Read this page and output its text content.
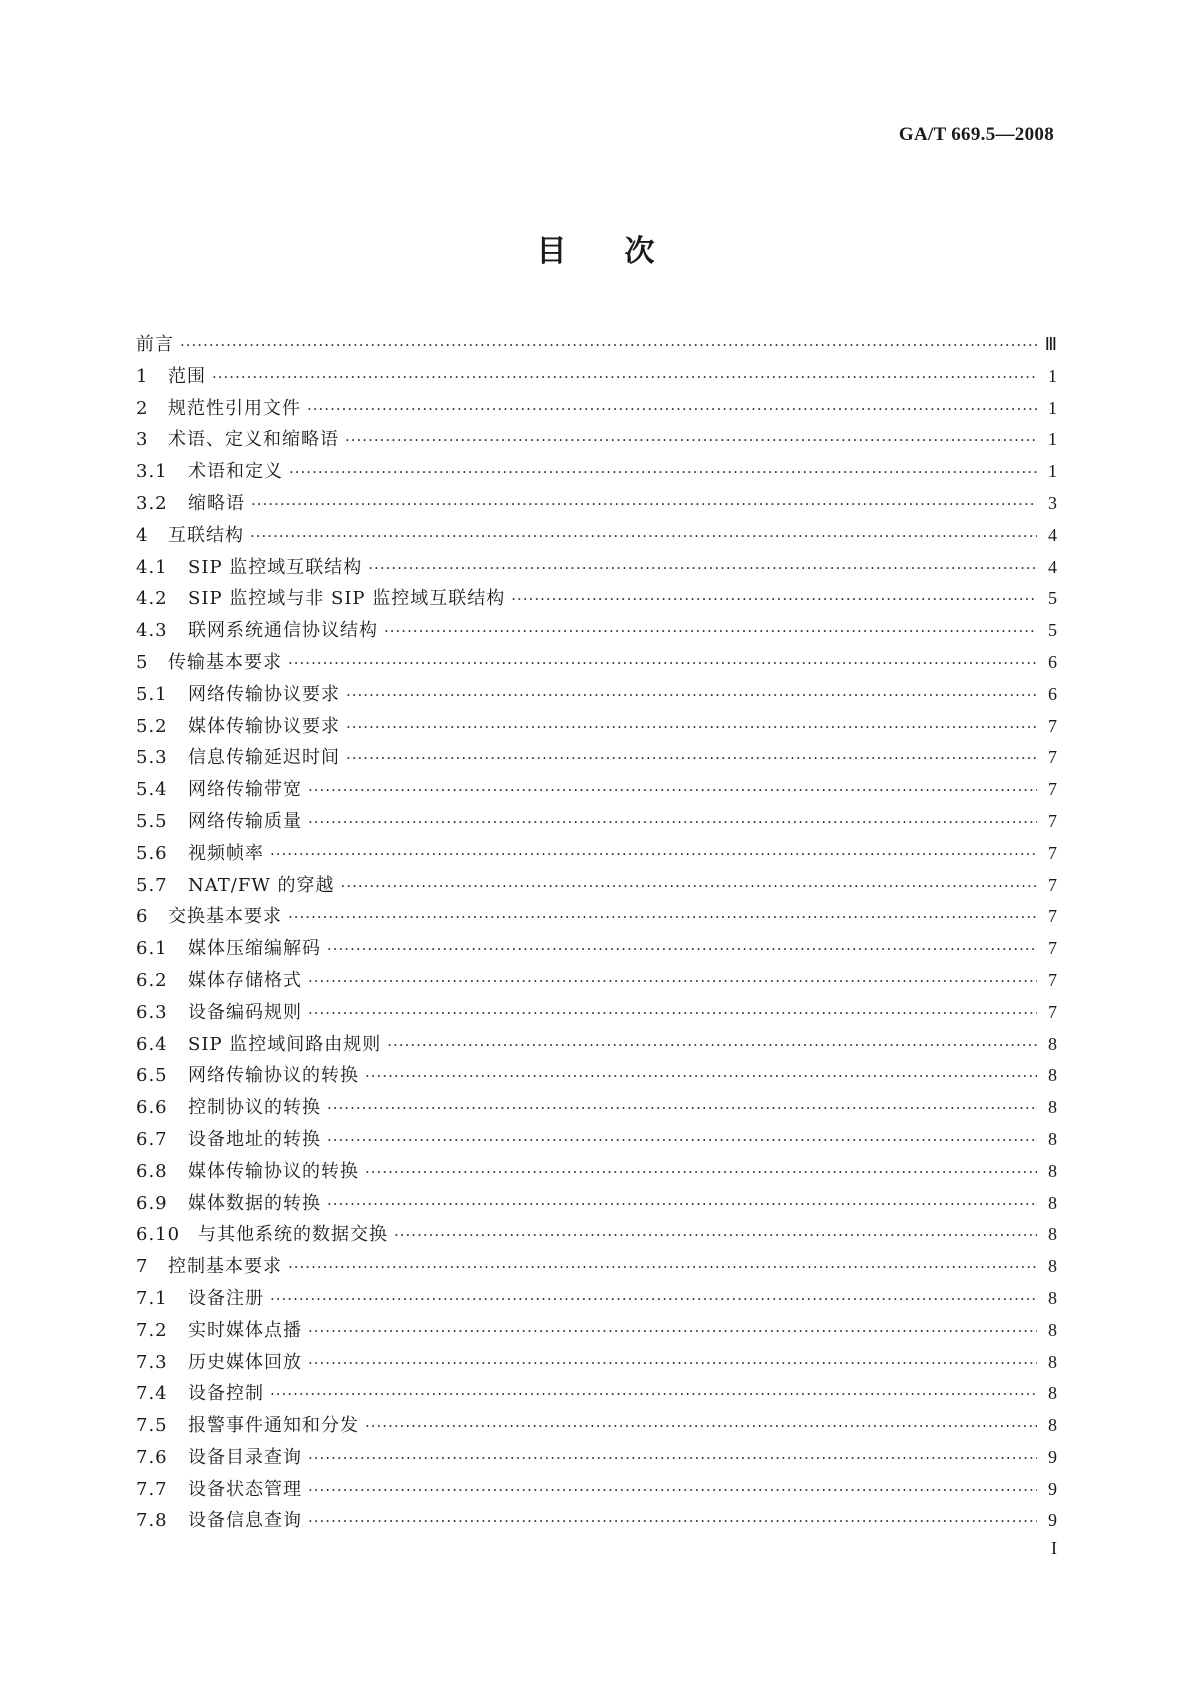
GA/T 669.5—2008
目次
前言 ·····	Ⅲ
1	范围 ·····	1
2	规范性引用文件 ·····	1
3	术语、定义和缩略语 ·····	1
3.1	术语和定义 ·····	1
3.2	缩略语 ·····	3
4	互联结构 ·····	4
4.1	SIP 监控域互联结构 ·····	4
4.2	SIP 监控域与非 SIP 监控域互联结构 ·····	5
4.3	联网系统通信协议结构 ·····	5
5	传输基本要求 ·····	6
5.1	网络传输协议要求 ·····	6
5.2	媒体传输协议要求 ·····	7
5.3	信息传输延迟时间 ·····	7
5.4	网络传输带宽 ·····	7
5.5	网络传输质量 ·····	7
5.6	视频帧率 ·····	7
5.7	NAT/FW 的穿越 ·····	7
6	交换基本要求 ·····	7
6.1	媒体压缩编解码 ·····	7
6.2	媒体存储格式 ·····	7
6.3	设备编码规则 ·····	7
6.4	SIP 监控域间路由规则 ·····	8
6.5	网络传输协议的转换 ·····	8
6.6	控制协议的转换 ·····	8
6.7	设备地址的转换 ·····	8
6.8	媒体传输协议的转换 ·····	8
6.9	媒体数据的转换 ·····	8
6.10 与其他系统的数据交换 ·····	8
7	控制基本要求 ·····	8
7.1	设备注册 ·····	8
7.2	实时媒体点播 ·····	8
7.3	历史媒体回放 ·····	8
7.4	设备控制 ·····	8
7.5	报警事件通知和分发 ·····	8
7.6	设备目录查询 ·····	9
7.7	设备状态管理 ·····	9
7.8	设备信息查询 ·····	9
I
